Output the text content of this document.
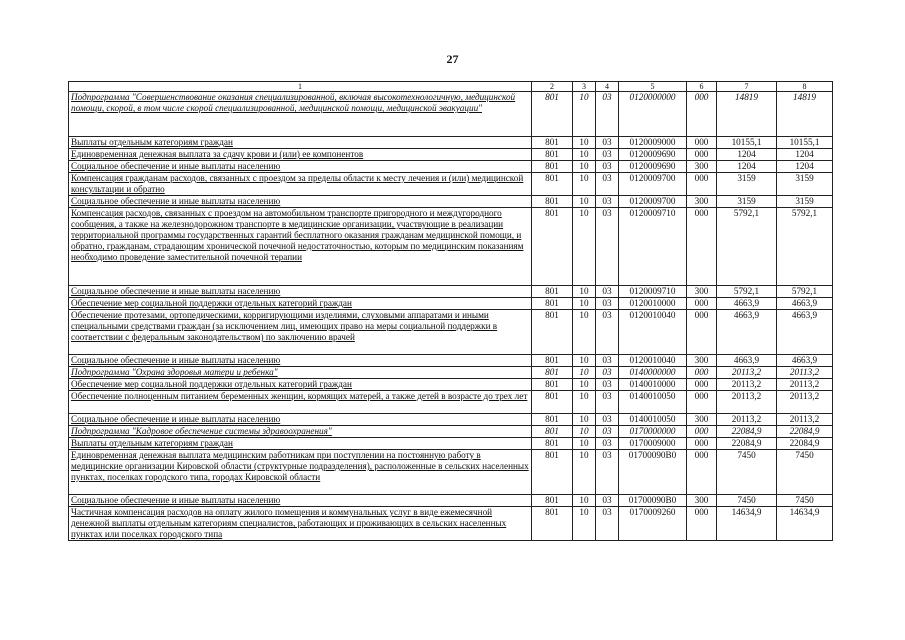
27
1	2	3	4	5	6	7	8
Подпрограмма "Совершенствование оказания специализированной, включая высокотехнологичную, медицинской помощи, скорой, в том числе скорой специализированной, медицинской помощи, медицинской эвакуации"	801	10	03	0120000000	000	14819	14819
Выплаты отдельным категориям граждан	801	10	03	0120009000	000	10155,1	10155,1
Единовременная денежная выплата за сдачу крови и (или) ее компонентов	801	10	03	0120009690	000	1204	1204
Социальное обеспечение и иные выплаты населению	801	10	03	0120009690	300	1204	1204
Компенсация гражданам расходов, связанных с проездом за пределы области к месту лечения и (или) медицинской консультации и обратно	801	10	03	0120009700	000	3159	3159
Социальное обеспечение и иные выплаты населению	801	10	03	0120009700	300	3159	3159
Компенсация расходов, связанных с проездом на автомобильном транспорте пригородного и междугородного сообщения, а также на железнодорожном транспорте в медицинские организации, участвующие в реализации территориальной программы государственных гарантий бесплатного оказания гражданам медицинской помощи, и обратно, гражданам, страдающим хронической почечной недостаточностью, которым по медицинским показаниям необходимо проведение заместительной почечной терапии	801	10	03	0120009710	000	5792,1	5792,1
Социальное обеспечение и иные выплаты населению	801	10	03	0120009710	300	5792,1	5792,1
Обеспечение мер социальной поддержки отдельных категорий граждан	801	10	03	0120010000	000	4663,9	4663,9
Обеспечение протезами, ортопедическими, корригирующими изделиями, слуховыми аппаратами и иными специальными средствами граждан (за исключением лиц, имеющих право на меры социальной поддержки в соответствии с федеральным законодательством) по заключению врачей	801	10	03	0120010040	000	4663,9	4663,9
Социальное обеспечение и иные выплаты населению	801	10	03	0120010040	300	4663,9	4663,9
Подпрограмма "Охрана здоровья матери и ребенка"	801	10	03	0140000000	000	20113,2	20113,2
Обеспечение мер социальной поддержки отдельных категорий граждан	801	10	03	0140010000	000	20113,2	20113,2
Обеспечение полноценным питанием беременных женщин, кормящих матерей, а также детей в возрасте до трех лет	801	10	03	0140010050	000	20113,2	20113,2
Социальное обеспечение и иные выплаты населению	801	10	03	0140010050	300	20113,2	20113,2
Подпрограмма "Кадровое обеспечение системы здравоохранения"	801	10	03	0170000000	000	22084,9	22084,9
Выплаты отдельным категориям граждан	801	10	03	0170009000	000	22084,9	22084,9
Единовременная денежная выплата медицинским работникам при поступлении на постоянную работу в медицинские организации Кировской области (структурные подразделения), расположенные в сельских населенных пунктах, поселках городского типа, городах Кировской области	801	10	03	01700090В0	000	7450	7450
Социальное обеспечение и иные выплаты населению	801	10	03	01700090В0	300	7450	7450
Частичная компенсация расходов на оплату жилого помещения и коммунальных услуг в виде ежемесячной денежной выплаты отдельным категориям специалистов, работающих и проживающих в сельских населенных пунктах или поселках городского типа	801	10	03	0170009260	000	14634,9	14634,9
